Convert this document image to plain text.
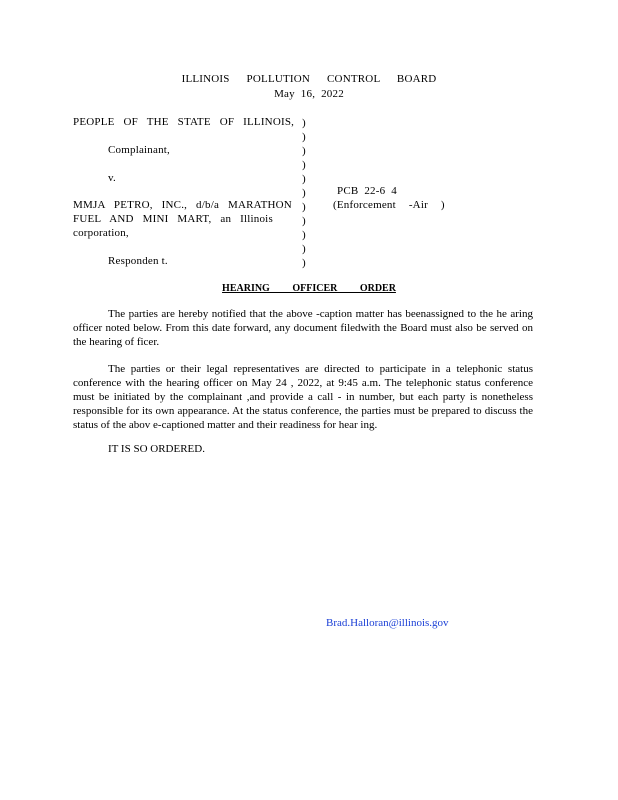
ILLINOIS POLLUTION CONTROL BOARD
May 16, 2022
PEOPLE OF THE STATE OF ILLINOIS,
Complainant,
v.
MMJA PETRO, INC., d/b/a MARATHON
FUEL AND MINI MART, an Illinois
corporation,
Responden t.
)
)
)
)
)
)
)
)
)
)
)
PCB 22-6 4
(Enforcement -Air )
HEARING OFFICER ORDER
The parties are hereby notified that the above -caption matter has beenassigned to the he aring officer noted below. From this date forward, any document filedwith the Board must also be served on the hearing of ficer.
The parties or their legal representatives are directed to participate in a telephonic status conference with the hearing officer on May 24 , 2022, at 9:45 a.m. The telephonic status conference must be initiated by the complainant ,and provide a call - in number, but each party is nonetheless responsible for its own appearance. At the status conference, the parties must be prepared to discuss the status of the abov e-captioned matter and their readiness for hear ing.
IT IS SO ORDERED.
Brad.Halloran@illinois.gov
